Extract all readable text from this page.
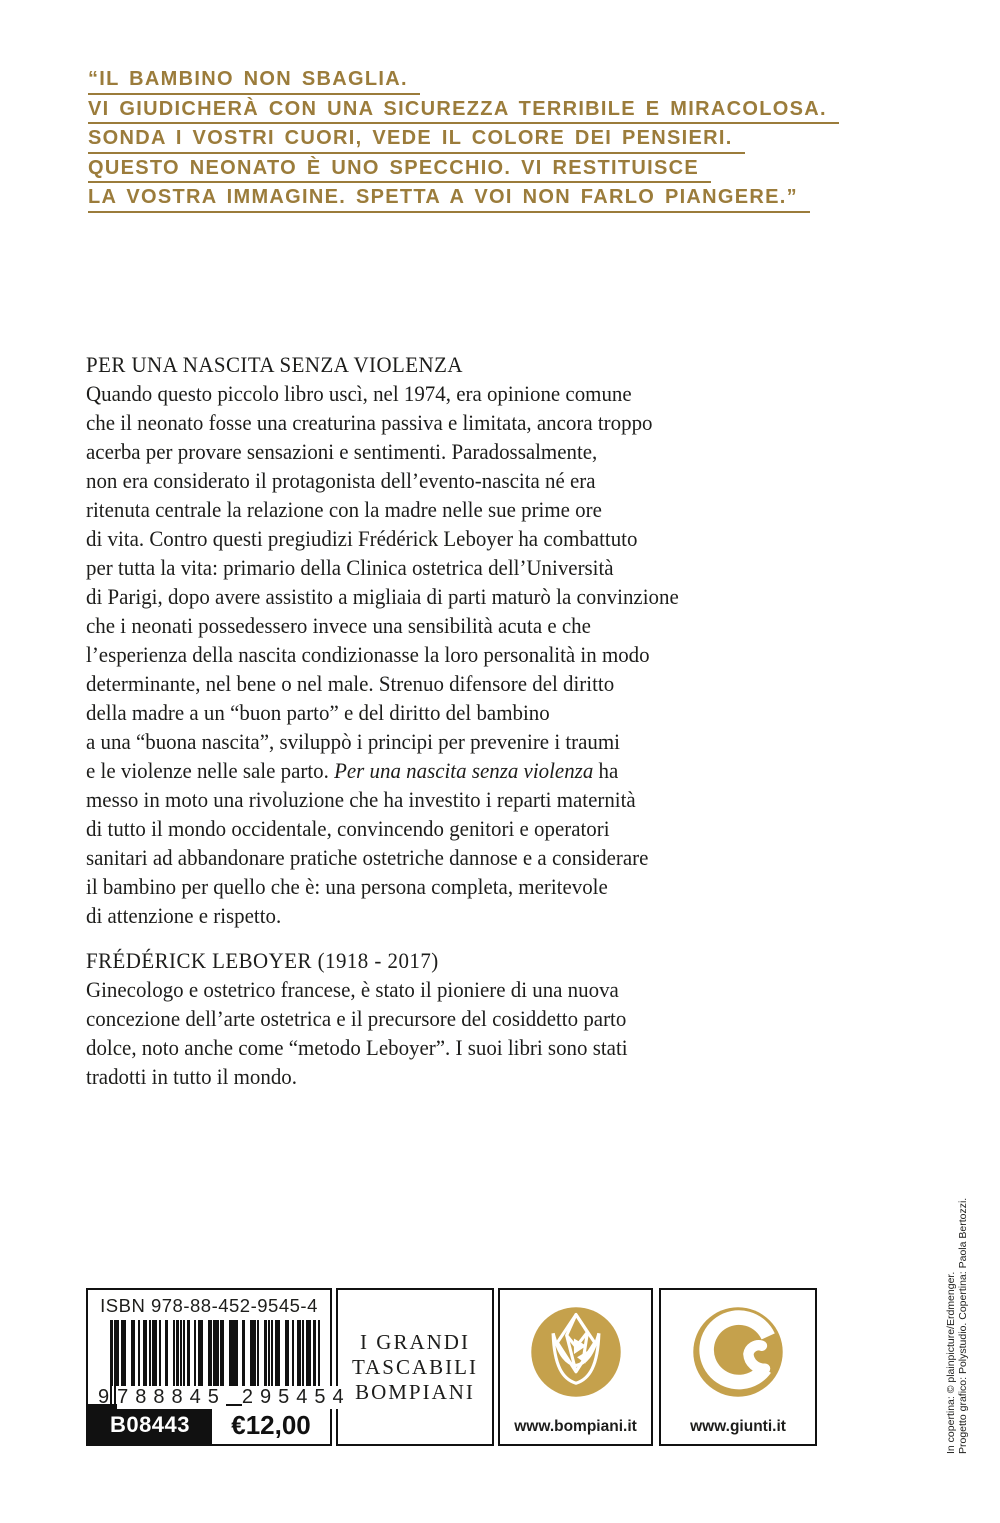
“IL BAMBINO NON SBAGLIA.
VI GIUDICHERÀ CON UNA SICUREZZA TERRIBILE E MIRACOLOSA.
SONDA I VOSTRI CUORI, VEDE IL COLORE DEI PENSIERI.
QUESTO NEONATO È UNO SPECCHIO. VI RESTITUISCE
LA VOSTRA IMMAGINE. SPETTA A VOI NON FARLO PIANGERE.”
PER UNA NASCITA SENZA VIOLENZA
Quando questo piccolo libro uscì, nel 1974, era opinione comune
che il neonato fosse una creaturina passiva e limitata, ancora troppo
acerba per provare sensazioni e sentimenti. Paradossalmente,
non era considerato il protagonista dell’evento-nascita né era
ritenuta centrale la relazione con la madre nelle sue prime ore
di vita. Contro questi pregiudizi Frédérick Leboyer ha combattuto
per tutta la vita: primario della Clinica ostetrica dell’Università
di Parigi, dopo avere assistito a migliaia di parti maturò la convinzione
che i neonati possedessero invece una sensibilità acuta e che
l’esperienza della nascita condizionasse la loro personalità in modo
determinante, nel bene o nel male. Strenuo difensore del diritto
della madre a un “buon parto” e del diritto del bambino
a una “buona nascita”, sviluppò i principi per prevenire i traumi
e le violenze nelle sale parto. Per una nascita senza violenza ha
messo in moto una rivoluzione che ha investito i reparti maternità
di tutto il mondo occidentale, convincendo genitori e operatori
sanitari ad abbandonare pratiche ostetriche dannose e a considerare
il bambino per quello che è: una persona completa, meritevole
di attenzione e rispetto.
FRÉDÉRICK LEBOYER (1918 - 2017)
Ginecologo e ostetrico francese, è stato il pioniere di una nuova
concezione dell’arte ostetrica e il precursore del cosiddetto parto
dolce, noto anche come “metodo Leboyer”. I suoi libri sono stati
tradotti in tutto il mondo.
ISBN 978-88-452-9545-4
9 788845 295454
B08443	€12,00
I GRANDI
TASCABILI
BOMPIANI
www.bompiani.it	www.giunti.it	In copertina: © plainpicture/Erdmenger. Progetto grafico: Polystudio. Copertina: Paola Bertozzi.
